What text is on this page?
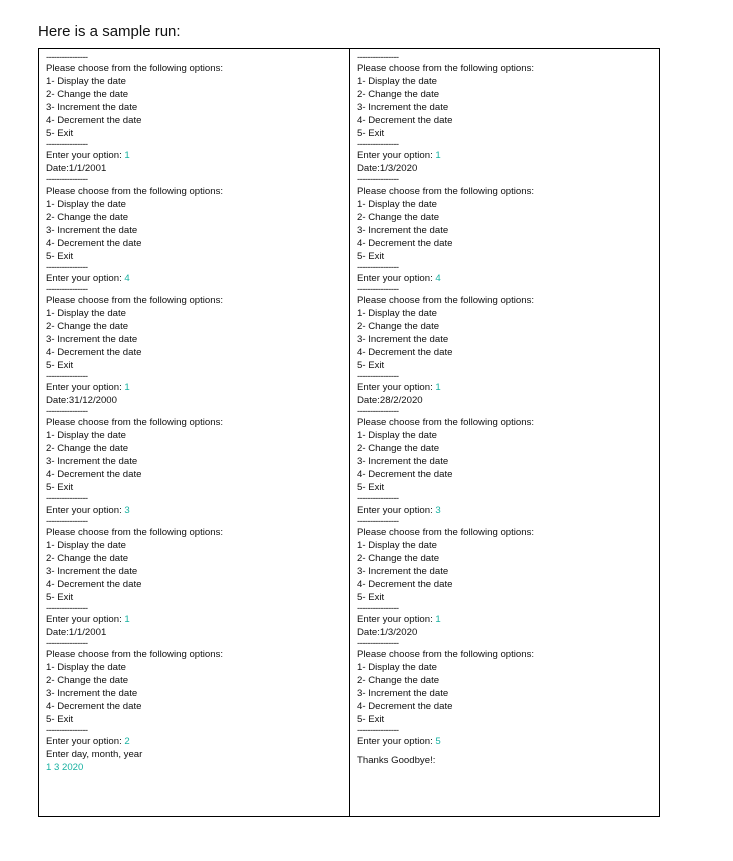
Here is a sample run:
----------------
Please choose from the following options:
1- Display the date
2- Change the date
3- Increment the date
4- Decrement the date
5- Exit
----------------
Enter your option: 1
Date:1/1/2001
----------------
Please choose from the following options:
1- Display the date
2- Change the date
3- Increment the date
4- Decrement the date
5- Exit
----------------
Enter your option: 4
----------------
Please choose from the following options:
1- Display the date
2- Change the date
3- Increment the date
4- Decrement the date
5- Exit
----------------
Enter your option: 1
Date:31/12/2000
----------------
Please choose from the following options:
1- Display the date
2- Change the date
3- Increment the date
4- Decrement the date
5- Exit
----------------
Enter your option: 3
----------------
Please choose from the following options:
1- Display the date
2- Change the date
3- Increment the date
4- Decrement the date
5- Exit
----------------
Enter your option: 1
Date:1/1/2001
----------------
Please choose from the following options:
1- Display the date
2- Change the date
3- Increment the date
4- Decrement the date
5- Exit
----------------
Enter your option: 2
Enter day, month, year
1 3 2020
----------------
Please choose from the following options:
1- Display the date
2- Change the date
3- Increment the date
4- Decrement the date
5- Exit
----------------
Enter your option: 1
Date:1/3/2020
----------------
Please choose from the following options:
1- Display the date
2- Change the date
3- Increment the date
4- Decrement the date
5- Exit
----------------
Enter your option: 4
----------------
Please choose from the following options:
1- Display the date
2- Change the date
3- Increment the date
4- Decrement the date
5- Exit
----------------
Enter your option: 1
Date:28/2/2020
----------------
Please choose from the following options:
1- Display the date
2- Change the date
3- Increment the date
4- Decrement the date
5- Exit
----------------
Enter your option: 3
----------------
Please choose from the following options:
1- Display the date
2- Change the date
3- Increment the date
4- Decrement the date
5- Exit
----------------
Enter your option: 1
Date:1/3/2020
----------------
Please choose from the following options:
1- Display the date
2- Change the date
3- Increment the date
4- Decrement the date
5- Exit
----------------
Enter your option: 5
Thanks Goodbye!:
